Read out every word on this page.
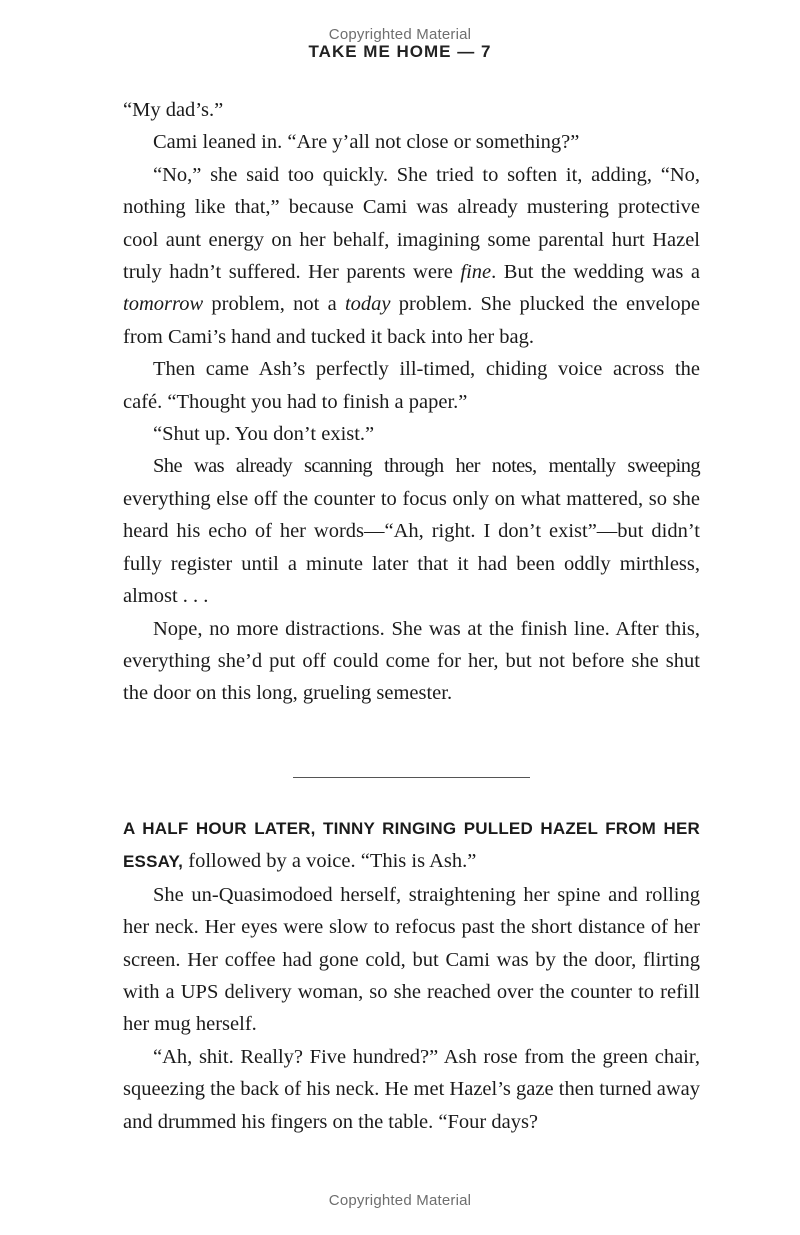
Copyrighted Material
TAKE ME HOME — 7

“My dad’s.”

Cami leaned in. “Are y’all not close or something?”

“No,” she said too quickly. She tried to soften it, adding, “No, nothing like that,” because Cami was already mustering protective cool aunt energy on her behalf, imagining some parental hurt Hazel truly hadn’t suffered. Her parents were fine. But the wedding was a tomorrow problem, not a today problem. She plucked the envelope from Cami’s hand and tucked it back into her bag.

Then came Ash’s perfectly ill-timed, chiding voice across the café. “Thought you had to finish a paper.”

“Shut up. You don’t exist.”

She was already scanning through her notes, mentally sweeping everything else off the counter to focus only on what mattered, so she heard his echo of her words—“Ah, right. I don’t exist”—but didn’t fully register until a minute later that it had been oddly mirthless, almost . . .

Nope, no more distractions. She was at the finish line. After this, everything she’d put off could come for her, but not before she shut the door on this long, grueling semester.

A HALF HOUR LATER, TINNY RINGING PULLED HAZEL FROM HER ESSAY, followed by a voice. “This is Ash.”

She un-Quasimodoed herself, straightening her spine and rolling her neck. Her eyes were slow to refocus past the short distance of her screen. Her coffee had gone cold, but Cami was by the door, flirting with a UPS delivery woman, so she reached over the counter to refill her mug herself.

“Ah, shit. Really? Five hundred?” Ash rose from the green chair, squeezing the back of his neck. He met Hazel’s gaze then turned away and drummed his fingers on the table. “Four days?

Copyrighted Material
